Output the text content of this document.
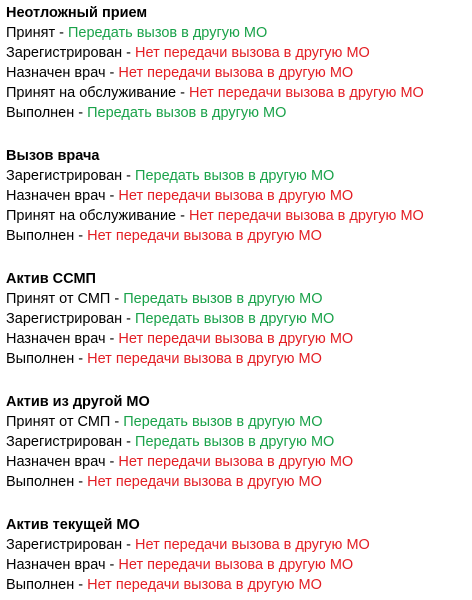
Неотложный прием
Принят - Передать вызов в другую МО
Зарегистрирован - Нет передачи вызова в другую МО
Назначен врач - Нет передачи вызова в другую МО
Принят на обслуживание - Нет передачи вызова в другую МО
Выполнен - Передать вызов в другую МО
Вызов врача
Зарегистрирован - Передать вызов в другую МО
Назначен врач - Нет передачи вызова в другую МО
Принят на обслуживание - Нет передачи вызова в другую МО
Выполнен - Нет передачи вызова в другую МО
Актив ССМП
Принят от СМП - Передать вызов в другую МО
Зарегистрирован - Передать вызов в другую МО
Назначен врач - Нет передачи вызова в другую МО
Выполнен - Нет передачи вызова в другую МО
Актив из другой МО
Принят от СМП - Передать вызов в другую МО
Зарегистрирован - Передать вызов в другую МО
Назначен врач - Нет передачи вызова в другую МО
Выполнен - Нет передачи вызова в другую МО
Актив текущей МО
Зарегистрирован - Нет передачи вызова в другую МО
Назначен врач - Нет передачи вызова в другую МО
Выполнен - Нет передачи вызова в другую МО
